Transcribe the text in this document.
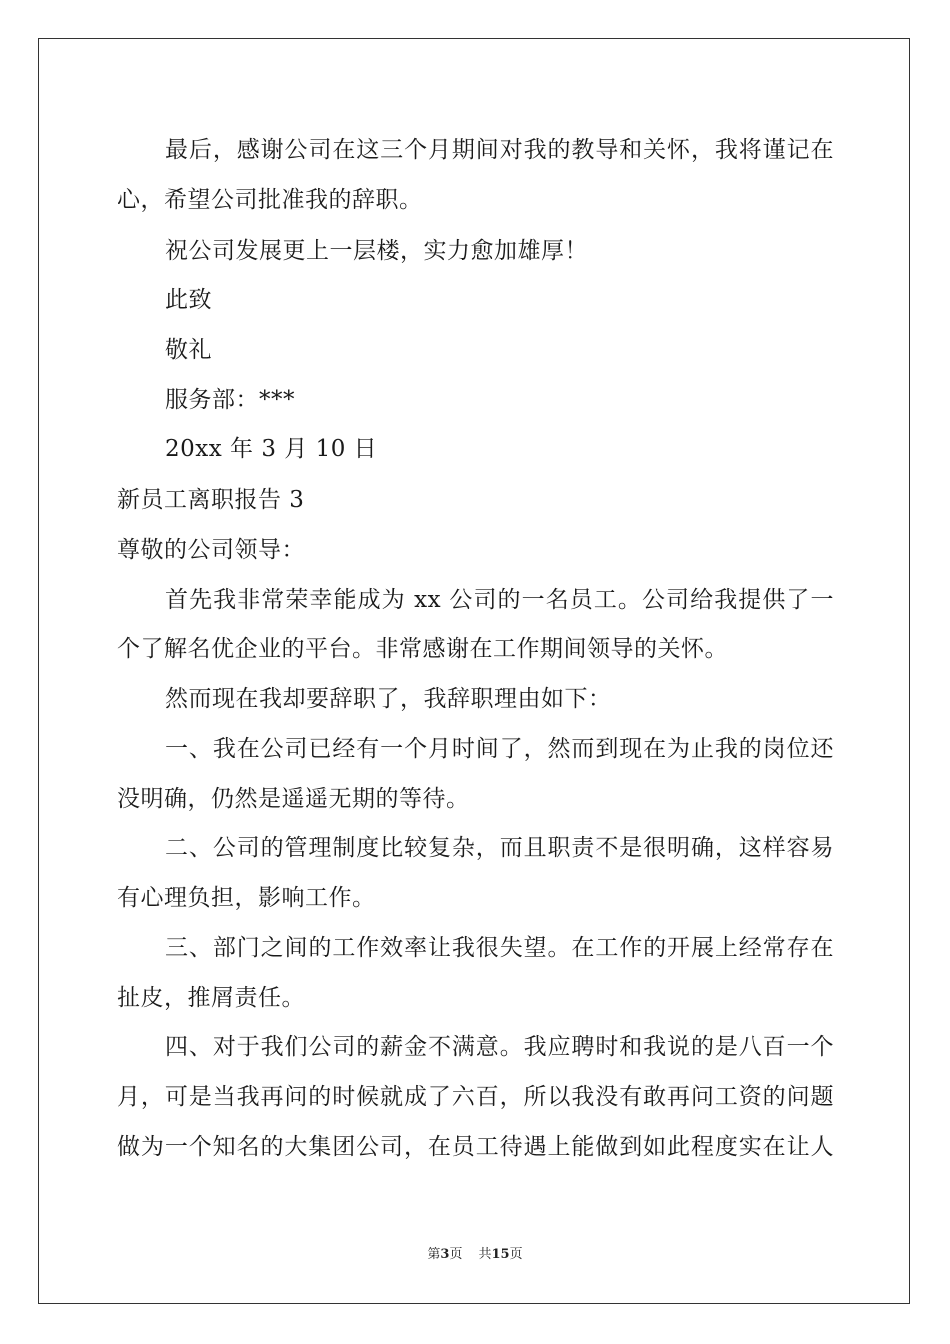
最后，感谢公司在这三个月期间对我的教导和关怀，我将谨记在
心，希望公司批准我的辞职。
祝公司发展更上一层楼，实力愈加雄厚！
此致
敬礼
服务部：***
20xx 年 3 月 10 日
新员工离职报告 3
尊敬的公司领导：
首先我非常荣幸能成为 xx 公司的一名员工。公司给我提供了一
个了解名优企业的平台。非常感谢在工作期间领导的关怀。
然而现在我却要辞职了，我辞职理由如下：
一、我在公司已经有一个月时间了，然而到现在为止我的岗位还
没明确，仍然是遥遥无期的等待。
二、公司的管理制度比较复杂，而且职责不是很明确，这样容易
有心理负担，影响工作。
三、部门之间的工作效率让我很失望。在工作的开展上经常存在
扯皮，推屑责任。
四、对于我们公司的薪金不满意。我应聘时和我说的是八百一个
月，可是当我再问的时候就成了六百，所以我没有敢再问工资的问题
做为一个知名的大集团公司，在员工待遇上能做到如此程度实在让人
第3页 共15页
